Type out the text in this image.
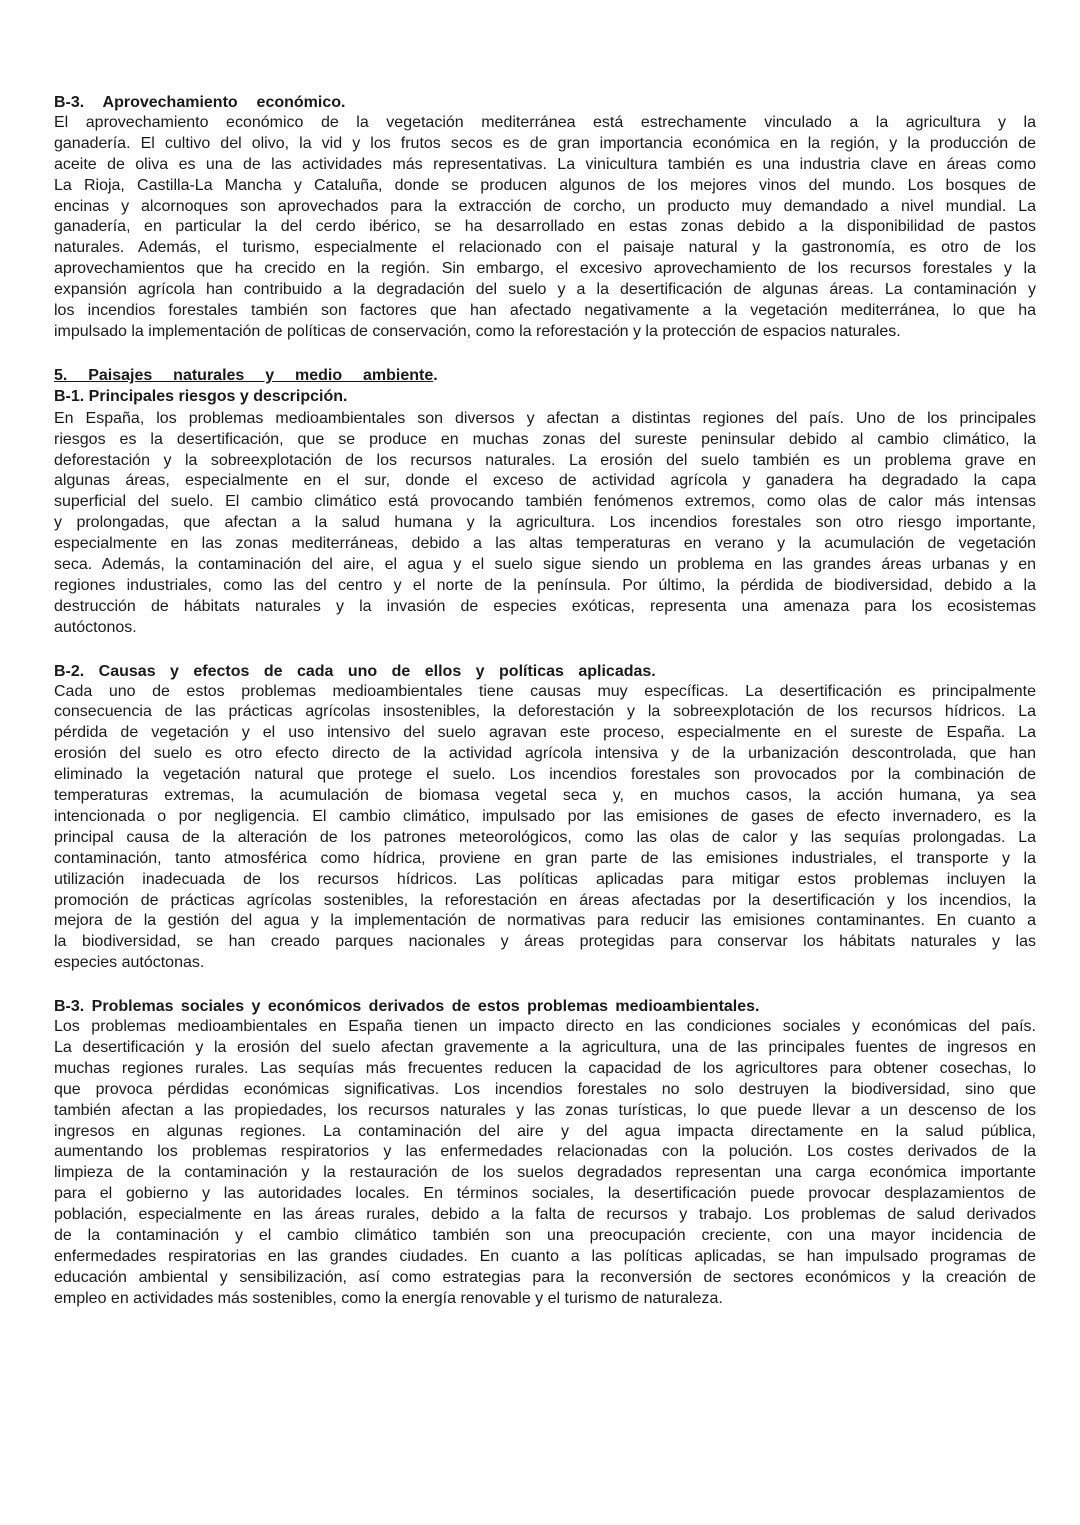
B-3.  Aprovechamiento  económico.
El aprovechamiento económico de la vegetación mediterránea está estrechamente vinculado a la agricultura y la
ganadería. El cultivo del olivo, la vid y los frutos secos es de gran importancia económica en la región, y la producción de
aceite de oliva es una de las actividades más representativas. La vinicultura también es una industria clave en áreas como
La Rioja, Castilla-La Mancha y Cataluña, donde se producen algunos de los mejores vinos del mundo. Los bosques de
encinas y alcornoques son aprovechados para la extracción de corcho, un producto muy demandado a nivel mundial. La
ganadería, en particular la del cerdo ibérico, se ha desarrollado en estas zonas debido a la disponibilidad de pastos
naturales. Además, el turismo, especialmente el relacionado con el paisaje natural y la gastronomía, es otro de los
aprovechamientos que ha crecido en la región. Sin embargo, el excesivo aprovechamiento de los recursos forestales y la
expansión agrícola han contribuido a la degradación del suelo y a la desertificación de algunas áreas. La contaminación y
los incendios forestales también son factores que han afectado negativamente a la vegetación mediterránea, lo que ha
impulsado la implementación de políticas de conservación, como la reforestación y la protección de espacios naturales.
5.  Paisajes  naturales  y  medio  ambiente.
B-1. Principales riesgos y descripción.
En España, los problemas medioambientales son diversos y afectan a distintas regiones del país. Uno de los principales
riesgos es la desertificación, que se produce en muchas zonas del sureste peninsular debido al cambio climático, la
deforestación y la sobreexplotación de los recursos naturales. La erosión del suelo también es un problema grave en
algunas áreas, especialmente en el sur, donde el exceso de actividad agrícola y ganadera ha degradado la capa
superficial del suelo. El cambio climático está provocando también fenómenos extremos, como olas de calor más intensas
y prolongadas, que afectan a la salud humana y la agricultura. Los incendios forestales son otro riesgo importante,
especialmente en las zonas mediterráneas, debido a las altas temperaturas en verano y la acumulación de vegetación
seca. Además, la contaminación del aire, el agua y el suelo sigue siendo un problema en las grandes áreas urbanas y en
regiones industriales, como las del centro y el norte de la península. Por último, la pérdida de biodiversidad, debido a la
destrucción de hábitats naturales y la invasión de especies exóticas, representa una amenaza para los ecosistemas
autóctonos.
B-2. Causas y efectos de cada uno de ellos y políticas aplicadas.
Cada uno de estos problemas medioambientales tiene causas muy específicas. La desertificación es principalmente
consecuencia de las prácticas agrícolas insostenibles, la deforestación y la sobreexplotación de los recursos hídricos. La
pérdida de vegetación y el uso intensivo del suelo agravan este proceso, especialmente en el sureste de España. La
erosión del suelo es otro efecto directo de la actividad agrícola intensiva y de la urbanización descontrolada, que han
eliminado la vegetación natural que protege el suelo. Los incendios forestales son provocados por la combinación de
temperaturas extremas, la acumulación de biomasa vegetal seca y, en muchos casos, la acción humana, ya sea
intencionada o por negligencia. El cambio climático, impulsado por las emisiones de gases de efecto invernadero, es la
principal causa de la alteración de los patrones meteorológicos, como las olas de calor y las sequías prolongadas. La
contaminación, tanto atmosférica como hídrica, proviene en gran parte de las emisiones industriales, el transporte y la
utilización inadecuada de los recursos hídricos. Las políticas aplicadas para mitigar estos problemas incluyen la
promoción de prácticas agrícolas sostenibles, la reforestación en áreas afectadas por la desertificación y los incendios, la
mejora de la gestión del agua y la implementación de normativas para reducir las emisiones contaminantes. En cuanto a
la biodiversidad, se han creado parques nacionales y áreas protegidas para conservar los hábitats naturales y las
especies autóctonas.
B-3. Problemas sociales y económicos derivados de estos problemas medioambientales.
Los problemas medioambientales en España tienen un impacto directo en las condiciones sociales y económicas del país.
La desertificación y la erosión del suelo afectan gravemente a la agricultura, una de las principales fuentes de ingresos en
muchas regiones rurales. Las sequías más frecuentes reducen la capacidad de los agricultores para obtener cosechas, lo
que provoca pérdidas económicas significativas. Los incendios forestales no solo destruyen la biodiversidad, sino que
también afectan a las propiedades, los recursos naturales y las zonas turísticas, lo que puede llevar a un descenso de los
ingresos en algunas regiones. La contaminación del aire y del agua impacta directamente en la salud pública,
aumentando los problemas respiratorios y las enfermedades relacionadas con la polución. Los costes derivados de la
limpieza de la contaminación y la restauración de los suelos degradados representan una carga económica importante
para el gobierno y las autoridades locales. En términos sociales, la desertificación puede provocar desplazamientos de
población, especialmente en las áreas rurales, debido a la falta de recursos y trabajo. Los problemas de salud derivados
de la contaminación y el cambio climático también son una preocupación creciente, con una mayor incidencia de
enfermedades respiratorias en las grandes ciudades. En cuanto a las políticas aplicadas, se han impulsado programas de
educación ambiental y sensibilización, así como estrategias para la reconversión de sectores económicos y la creación de
empleo en actividades más sostenibles, como la energía renovable y el turismo de naturaleza.
